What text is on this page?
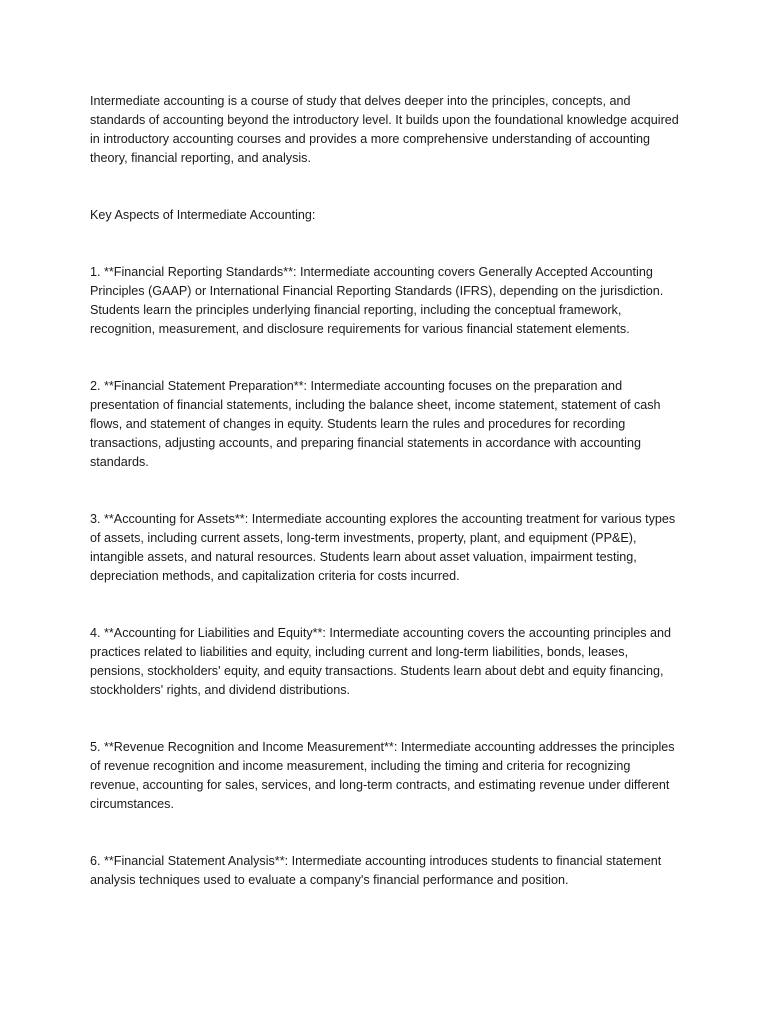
Intermediate accounting is a course of study that delves deeper into the principles, concepts, and standards of accounting beyond the introductory level. It builds upon the foundational knowledge acquired in introductory accounting courses and provides a more comprehensive understanding of accounting theory, financial reporting, and analysis.

Key Aspects of Intermediate Accounting:

1. **Financial Reporting Standards**: Intermediate accounting covers Generally Accepted Accounting Principles (GAAP) or International Financial Reporting Standards (IFRS), depending on the jurisdiction. Students learn the principles underlying financial reporting, including the conceptual framework, recognition, measurement, and disclosure requirements for various financial statement elements.

2. **Financial Statement Preparation**: Intermediate accounting focuses on the preparation and presentation of financial statements, including the balance sheet, income statement, statement of cash flows, and statement of changes in equity. Students learn the rules and procedures for recording transactions, adjusting accounts, and preparing financial statements in accordance with accounting standards.

3. **Accounting for Assets**: Intermediate accounting explores the accounting treatment for various types of assets, including current assets, long-term investments, property, plant, and equipment (PP&E), intangible assets, and natural resources. Students learn about asset valuation, impairment testing, depreciation methods, and capitalization criteria for costs incurred.

4. **Accounting for Liabilities and Equity**: Intermediate accounting covers the accounting principles and practices related to liabilities and equity, including current and long-term liabilities, bonds, leases, pensions, stockholders' equity, and equity transactions. Students learn about debt and equity financing, stockholders' rights, and dividend distributions.

5. **Revenue Recognition and Income Measurement**: Intermediate accounting addresses the principles of revenue recognition and income measurement, including the timing and criteria for recognizing revenue, accounting for sales, services, and long-term contracts, and estimating revenue under different circumstances.

6. **Financial Statement Analysis**: Intermediate accounting introduces students to financial statement analysis techniques used to evaluate a company's financial performance and position.
